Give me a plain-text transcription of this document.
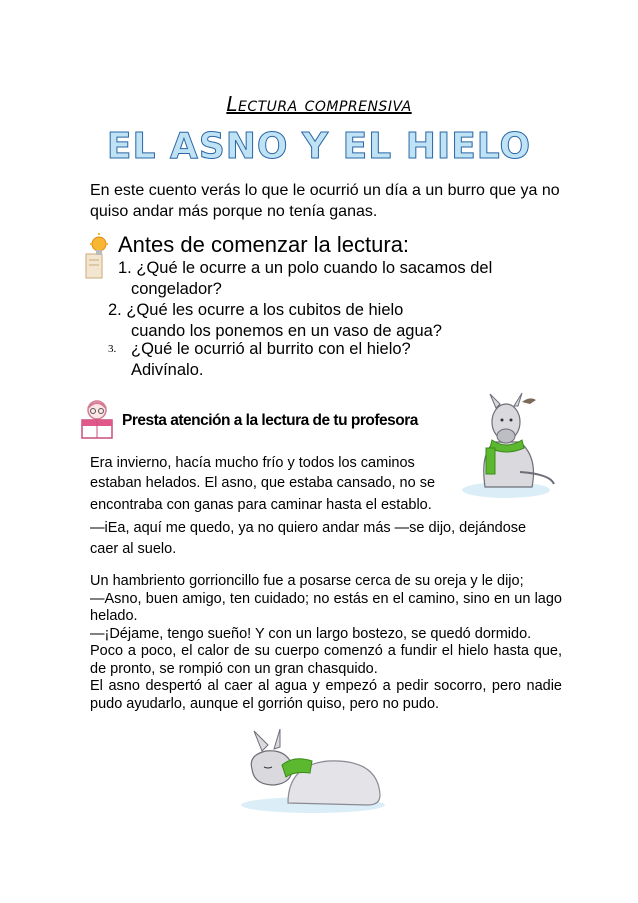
Lectura comprensiva
EL ASNO Y EL HIELO
En este cuento verás lo que le ocurrió un día a un burro que ya no quiso andar más porque no tenía ganas.
Antes de comenzar la lectura:
1. ¿Qué le ocurre a un polo cuando lo sacamos del
congelador?
2. ¿Qué les ocurre a los cubitos de hielo
cuando los ponemos en un vaso de agua?
3. ¿Qué le ocurrió al burrito con el hielo?
Adivínalo.
Presta atención a la lectura de tu profesora
Era invierno, hacía mucho frío y todos los caminos
estaban helados. El asno, que estaba cansado, no se
encontraba con ganas para caminar hasta el establo.
—iEa, aquí me quedo, ya no quiero andar más —se dijo, dejándose
caer al suelo.

Un hambriento gorrioncillo fue a posarse cerca de su oreja y le dijo;

—Asno, buen amigo, ten cuidado; no estás en el camino, sino en un lago helado.

—¡Déjame, tengo sueño! Y con un largo bostezo, se quedó dormido.

Poco a poco, el calor de su cuerpo comenzó a fundir el hielo hasta que, de pronto, se rompió con un gran chasquido.

El asno despertó al caer al agua y empezó a pedir socorro, pero nadie pudo ayudarlo, aunque el gorrión quiso, pero no pudo.
